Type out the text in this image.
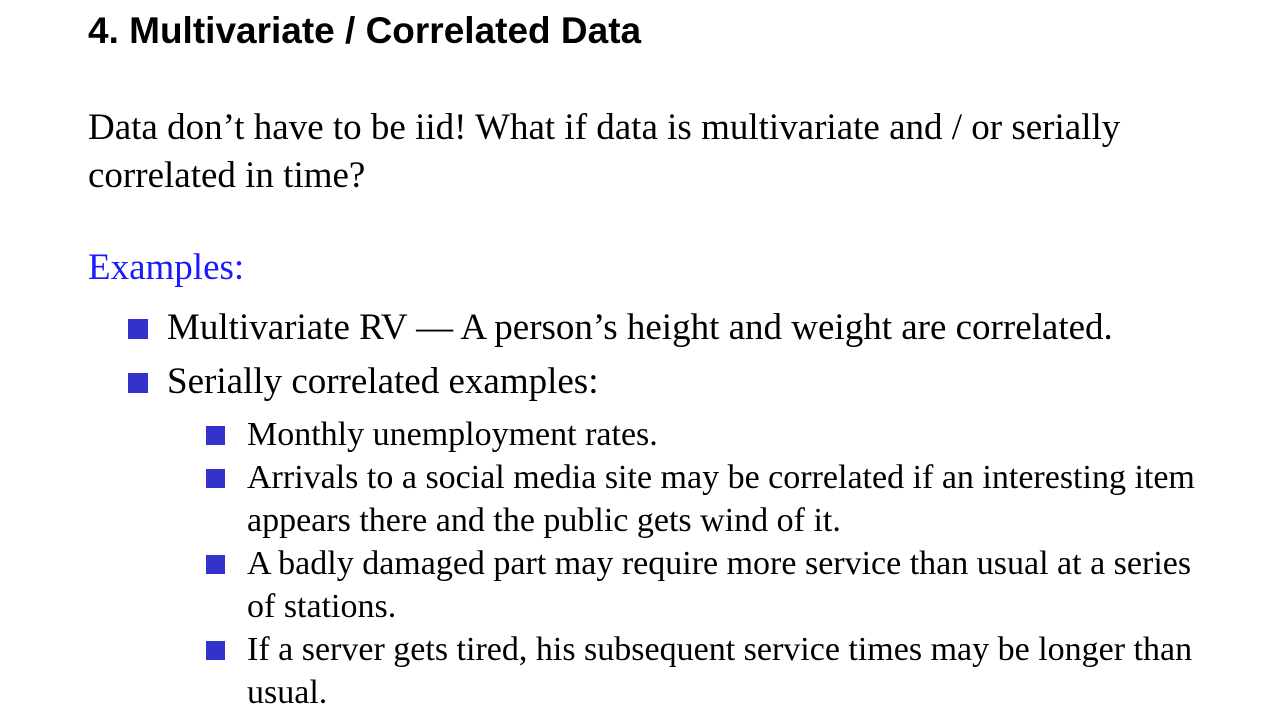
4. Multivariate / Correlated Data

Data don’t have to be iid! What if data is multivariate and / or serially correlated in time?

Examples:
Multivariate RV — A person’s height and weight are correlated.
Serially correlated examples:
Monthly unemployment rates.
Arrivals to a social media site may be correlated if an interesting item appears there and the public gets wind of it.
A badly damaged part may require more service than usual at a series of stations.
If a server gets tired, his subsequent service times may be longer than usual.
